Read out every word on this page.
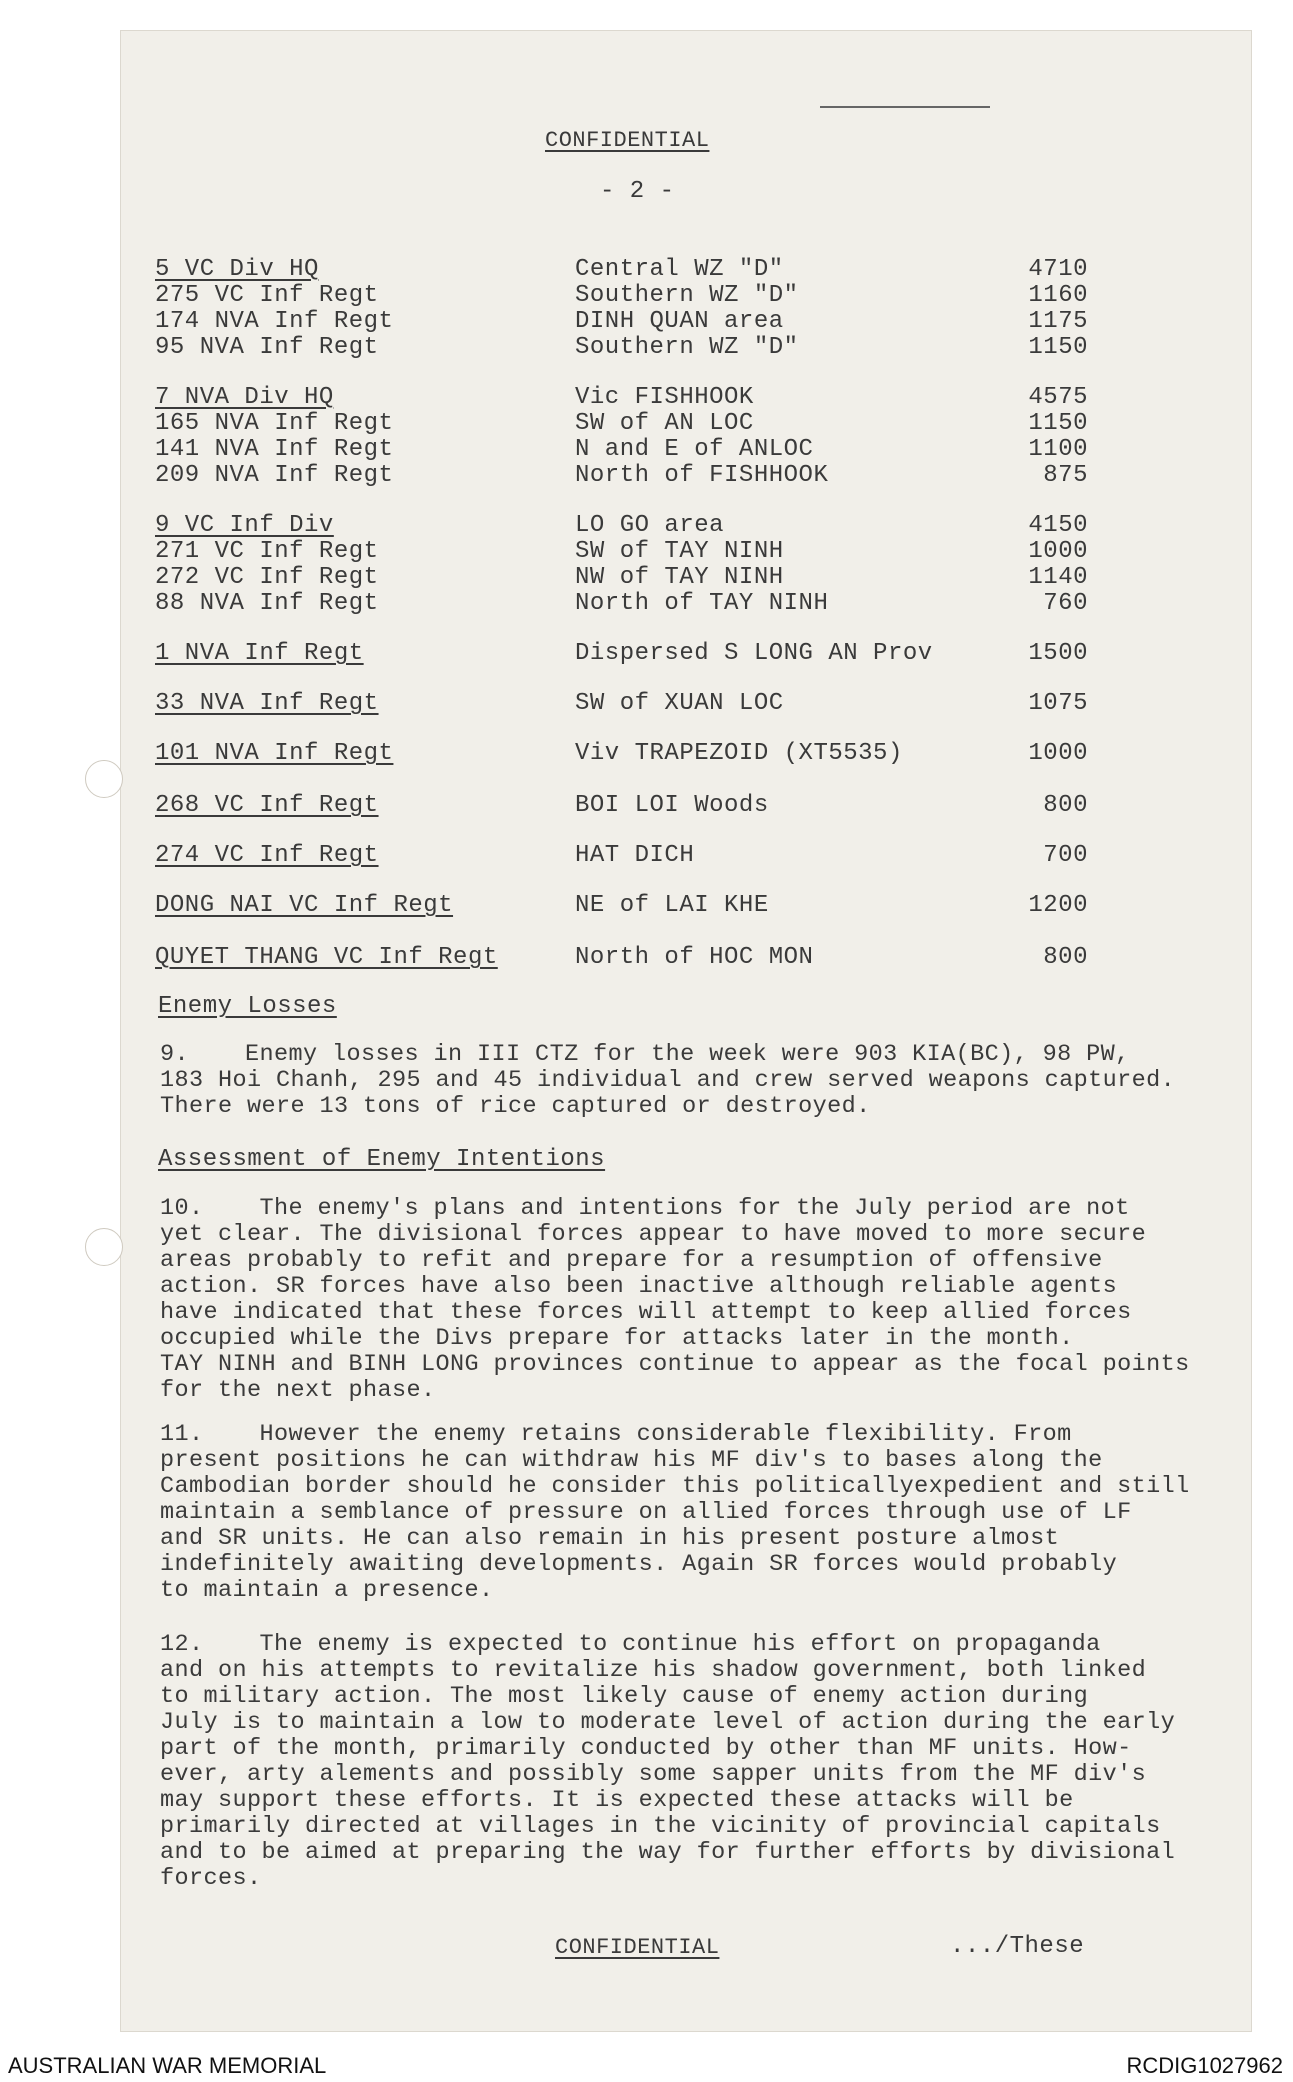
CONFIDENTIAL
- 2 -
5 VC Div HQ	Central WZ "D"	4710
275 VC Inf Regt	Southern WZ "D"	1160
174 NVA Inf Regt	DINH QUAN area	1175
95 NVA Inf Regt	Southern WZ "D"	1150
7 NVA Div HQ	Vic FISHHOOK	4575
165 NVA Inf Regt	SW of AN LOC	1150
141 NVA Inf Regt	N and E of ANLOC	1100
209 NVA Inf Regt	North of FISHHOOK	875
9 VC Inf Div	LO GO area	4150
271 VC Inf Regt	SW of TAY NINH	1000
272 VC Inf Regt	NW of TAY NINH	1140
88 NVA Inf Regt	North of TAY NINH	760
1 NVA Inf Regt	Dispersed S LONG AN Prov	1500
33 NVA Inf Regt	SW of XUAN LOC	1075
101 NVA Inf Regt	Viv TRAPEZOID (XT5535)	1000
268 VC Inf Regt	BOI LOI Woods	800
274 VC Inf Regt	HAT DICH	700
DONG NAI VC Inf Regt	NE of LAI KHE	1200
QUYET THANG VC Inf Regt	North of HOC MON	800
Enemy Losses
9. Enemy losses in III CTZ for the week were 903 KIA(BC), 98 PW,
183 Hoi Chanh, 295 and 45 individual and crew served weapons captured.
There were 13 tons of rice captured or destroyed.
Assessment of Enemy Intentions
10. The enemy's plans and intentions for the July period are not
yet clear. The divisional forces appear to have moved to more secure
areas probably to refit and prepare for a resumption of offensive
action. SR forces have also been inactive although reliable agents
have indicated that these forces will attempt to keep allied forces
occupied while the Divs prepare for attacks later in the month.
TAY NINH and BINH LONG provinces continue to appear as the focal points
for the next phase.
11. However the enemy retains considerable flexibility. From
present positions he can withdraw his MF div's to bases along the
Cambodian border should he consider this politicallyexpedient and still
maintain a semblance of pressure on allied forces through use of LF
and SR units. He can also remain in his present posture almost
indefinitely awaiting developments. Again SR forces would probably
to maintain a presence.
12. The enemy is expected to continue his effort on propaganda
and on his attempts to revitalize his shadow government, both linked
to military action. The most likely cause of enemy action during
July is to maintain a low to moderate level of action during the early
part of the month, primarily conducted by other than MF units. How-
ever, arty alements and possibly some sapper units from the MF div's
may support these efforts. It is expected these attacks will be
primarily directed at villages in the vicinity of provincial capitals
and to be aimed at preparing the way for further efforts by divisional
forces.
CONFIDENTIAL	.../These
AUSTRALIAN WAR MEMORIAL	RCDIG1027962
